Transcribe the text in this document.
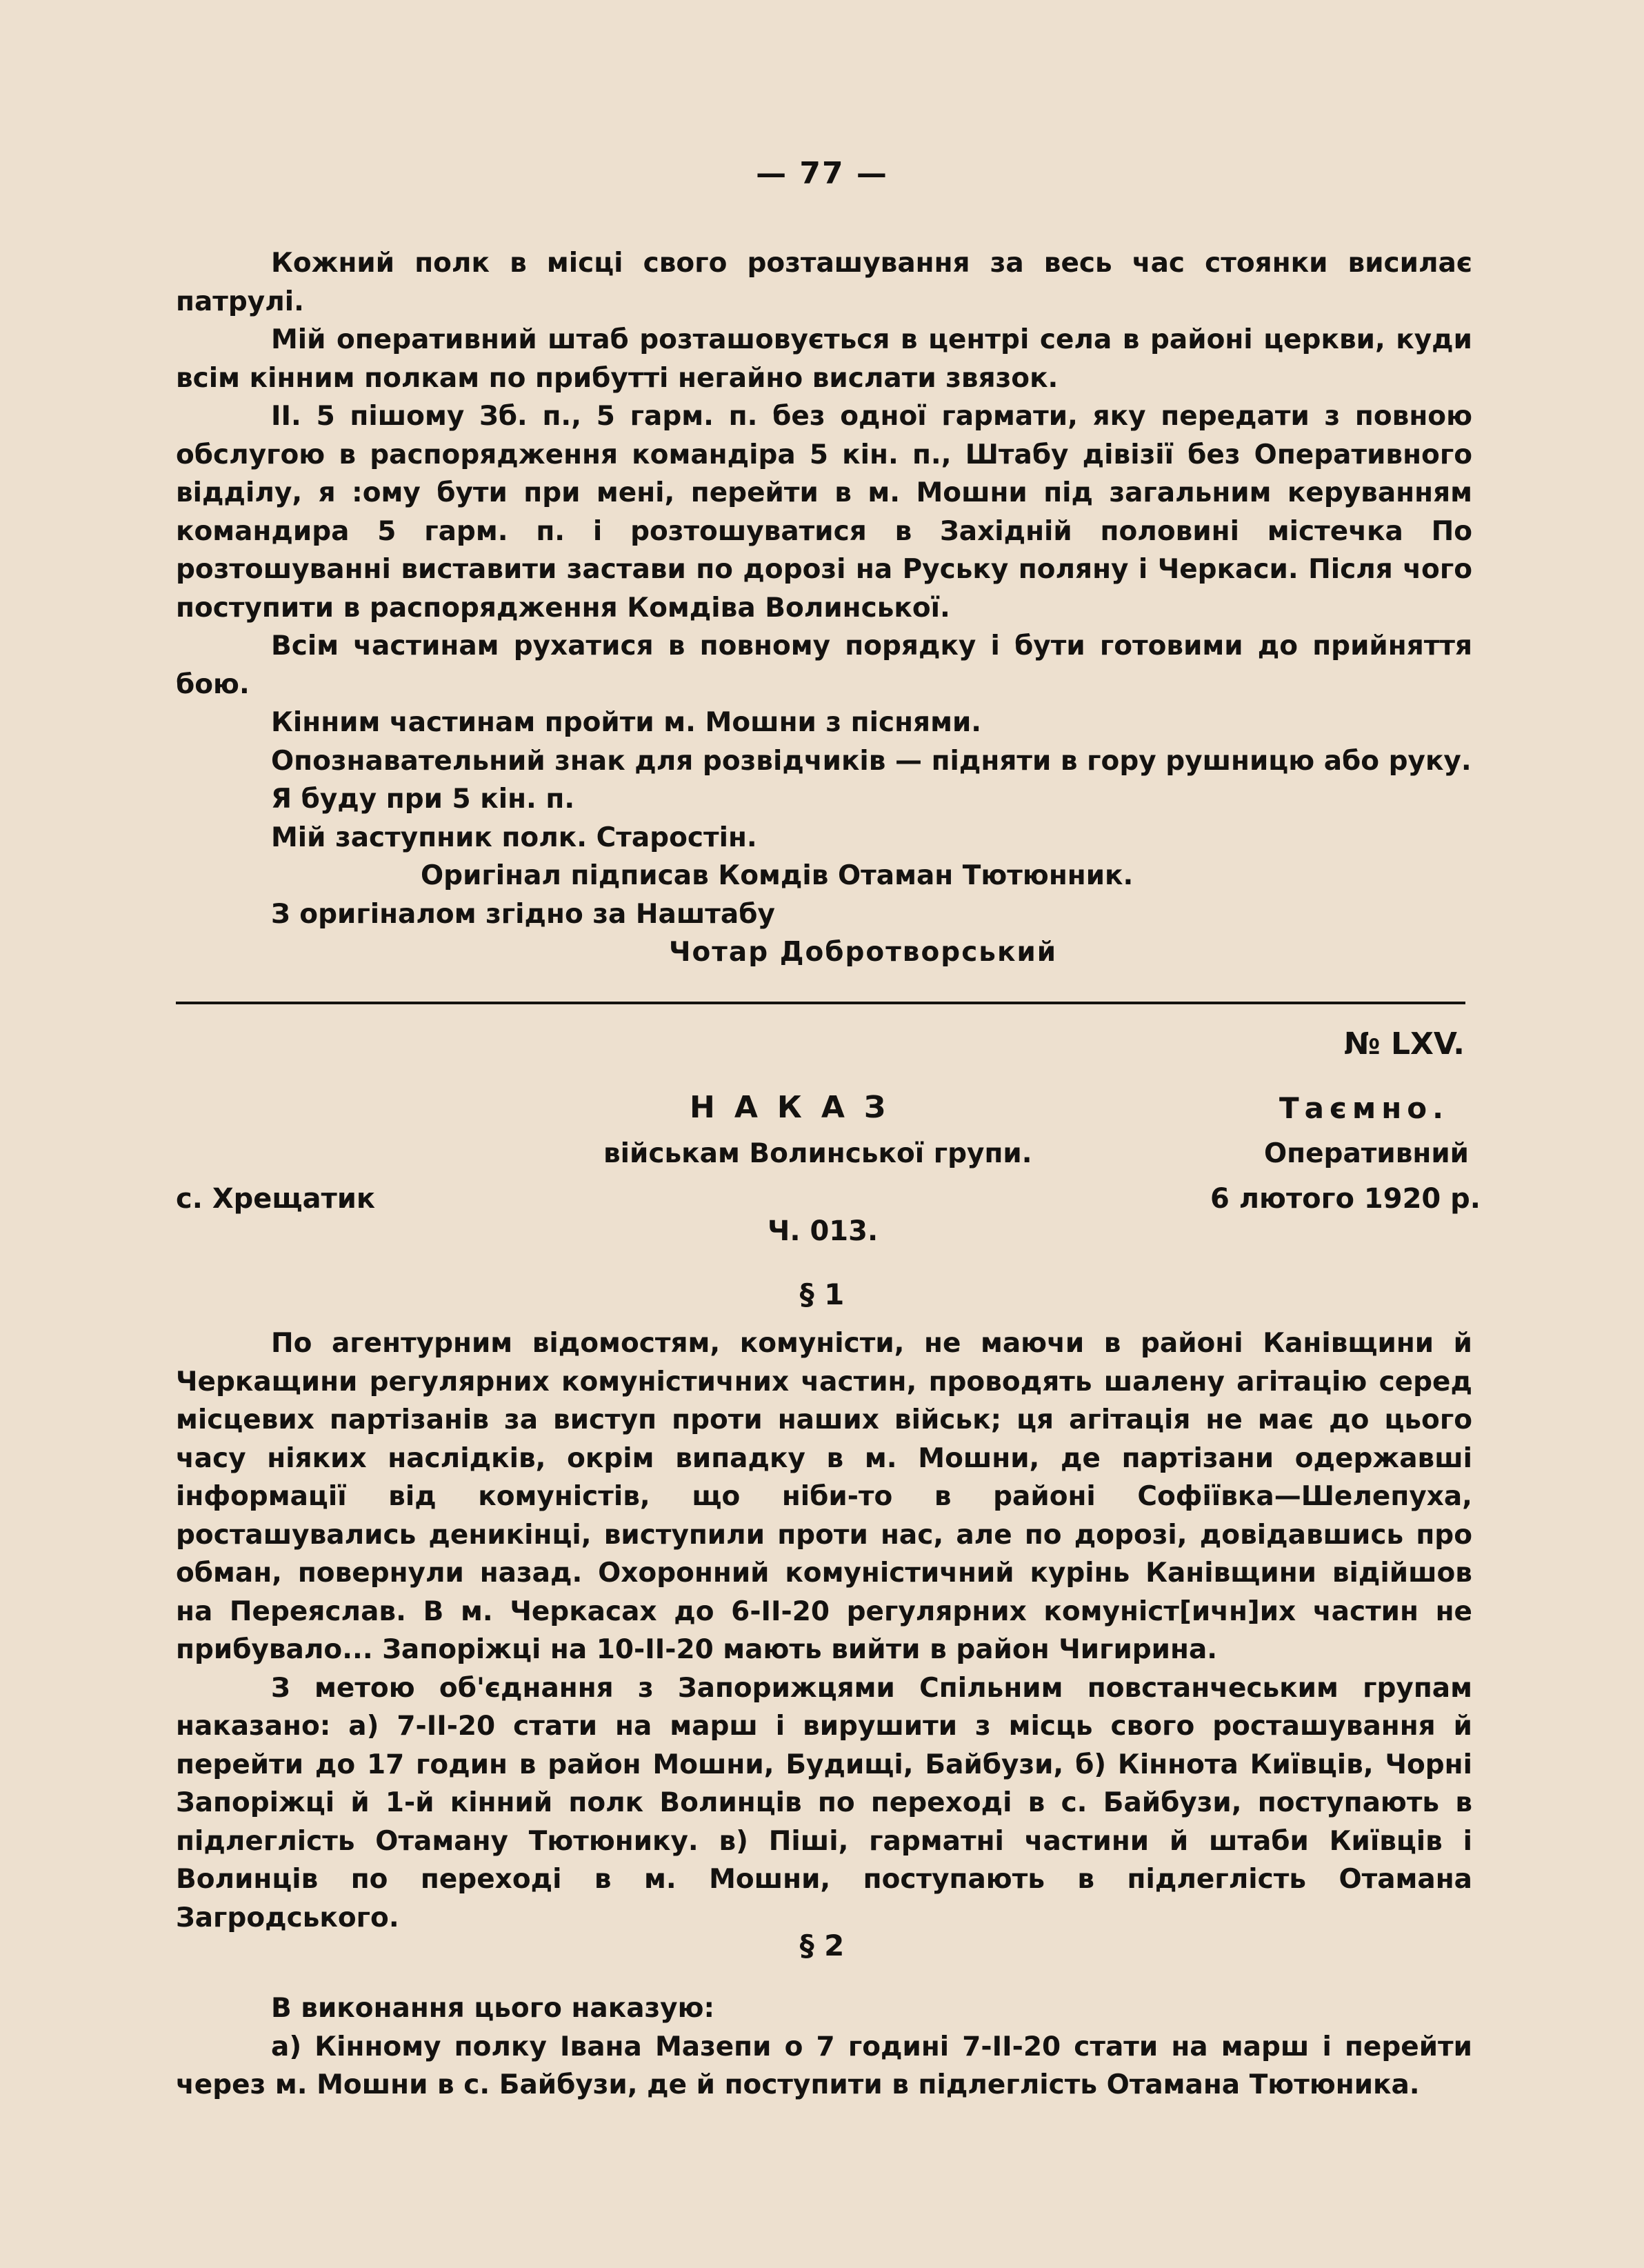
— 77 —

Кожний полк в місці свого розташування за весь час стоянки висилає патрулі.

Мій оперативний штаб розташовується в центрі села в районі церкви, куди всім кінним полкам по прибутті негайно вислати звязок.

II. 5 пішому Зб. п., 5 гарм. п. без одної гармати, яку передати з повною обслугою в распорядження командіра 5 кін. п., Штабу дівізії без Оперативного відділу, я :ому бути при мені, перейти в м. Мошни під загальним керуванням командира 5 гарм. п. і розтошуватися в Західній половині містечка По розтошуванні виставити застави по дорозі на Руську поляну і Черкаси. Після чого поступити в распорядження Комдіва Волинської.

Всім частинам рухатися в повному порядку і бути готовими до прийняття бою.

Кінним частинам пройти м. Мошни з піснями.

Опознавательний знак для розвідчиків — підняти в гору рушницю або руку.

Я буду при 5 кін. п.

Мій заступник полк. Старостін.

Оригінал підписав Комдів Отаман Тютюнник.

З оригіналом згідно за Наштабу

Чотар Добротворський

№ LXV.
НАКАЗ	Таємно.
військам Волинської групи.	Оперативний
с. Хрещатик	6 лютого 1920 р.
Ч. 013.
§ 1

По агентурним відомостям, комуністи, не маючи в районі Канівщини й Черкащини регулярних комуністичних частин, проводять шалену агітацію серед місцевих партізанів за виступ проти наших військ; ця агітація не має до цього часу ніяких наслідків, окрім випадку в м. Мошни, де партізани одержавші інформації від комуністів, що ніби-то в районі Софіївка—Шелепуха, росташувались деникінці, виступили проти нас, але по дорозі, довідавшись про обман, повернули назад. Охоронний комуністичний курінь Канівщини відійшов на Переяслав. В м. Черкасах до 6-II-20 регулярних комуніст[ичн]их частин не прибувало... Запоріжці на 10-II-20 мають вийти в район Чигирина.

З метою об'єднання з Запорижцями Спільним повстанчеським групам наказано: а) 7-II-20 стати на марш і вирушити з місць свого росташування й перейти до 17 годин в район Мошни, Будищі, Байбузи, б) Кіннота Київців, Чорні Запоріжці й 1-й кінний полк Волинців по переході в с. Байбузи, поступають в підлеглість Отаману Тютюнику. в) Піші, гарматні частини й штаби Київців і Волинців по переході в м. Мошни, поступають в підлеглість Отамана Загродського.

§ 2

В виконання цього наказую:

а) Кінному полку Івана Мазепи о 7 годині 7-II-20 стати на марш і перейти через м. Мошни в с. Байбузи, де й поступити в підлеглість Отамана Тютюника.
